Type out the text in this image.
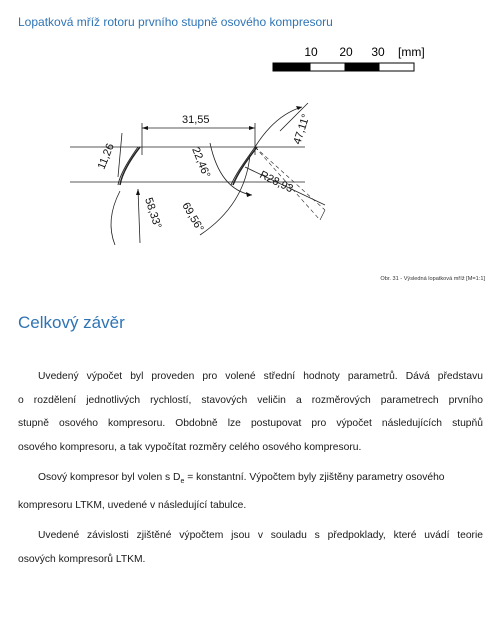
Lopatková mříž rotoru prvního stupně osového kompresoru
10 20 30 [mm]
31,55
11,26	22,46°
58,33° 69,56°
47,11°
R28,93
Obr. 31 - Výsledná lopatková mříž [M=1:1]
Celkový závěr

Uvedený výpočet byl proveden pro volené střední hodnoty parametrů. Dává představu
o rozdělení jednotlivých rychlostí, stavových veličin a rozměrových parametrech prvního
stupně osového kompresoru. Obdobně lze postupovat pro výpočet následujících stupňů
osového kompresoru, a tak vypočítat rozměry celého osového kompresoru.

Osový kompresor byl volen s $D_e$ = konstantní. Výpočtem byly zjištěny parametry osového
kompresoru LTKM, uvedené v následující tabulce.

Uvedené závislosti zjištěné výpočtem jsou v souladu s předpoklady, které uvádí teorie
osových kompresorů LTKM.
